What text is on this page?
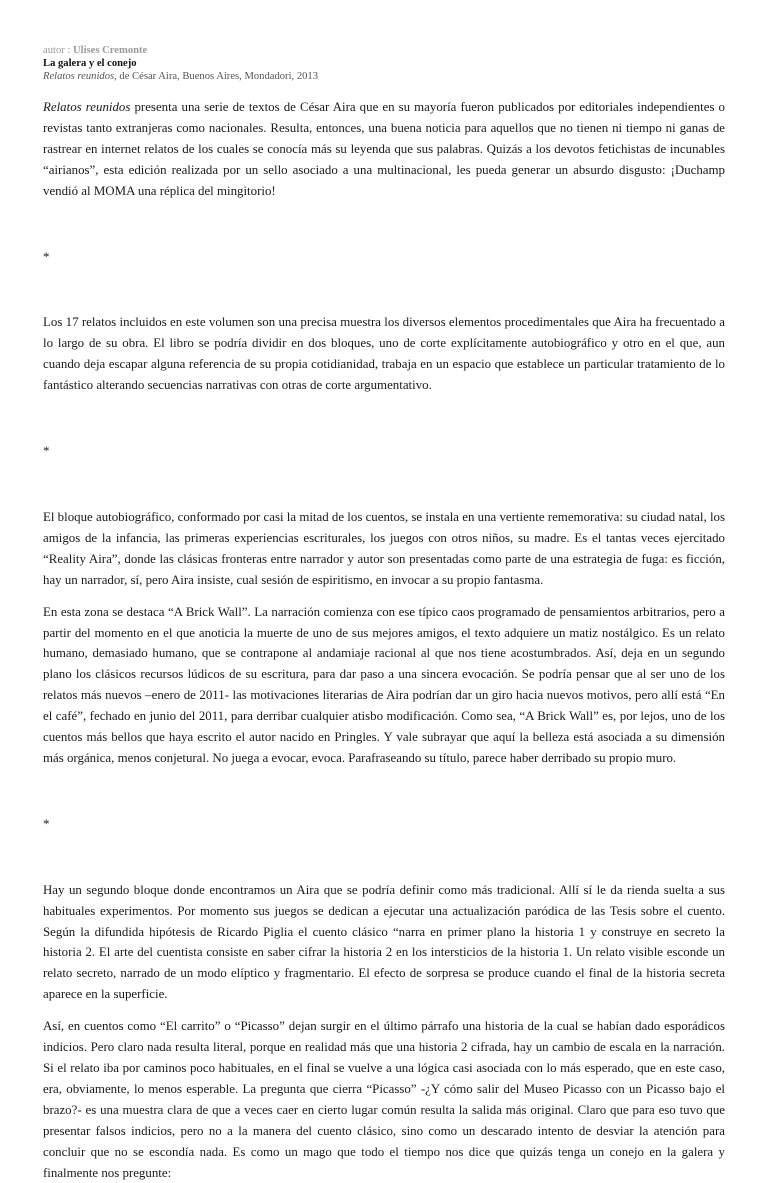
autor : Ulises Cremonte
La galera y el conejo
Relatos reunidos, de César Aira, Buenos Aires, Mondadori, 2013

Relatos reunidos presenta una serie de textos de César Aira que en su mayoría fueron publicados por editoriales independientes o revistas tanto extranjeras como nacionales. Resulta, entonces, una buena noticia para aquellos que no tienen ni tiempo ni ganas de rastrear en internet relatos de los cuales se conocía más su leyenda que sus palabras. Quizás a los devotos fetichistas de incunables “airianos”, esta edición realizada por un sello asociado a una multinacional, les pueda generar un absurdo disgusto: ¡Duchamp vendió al MOMA una réplica del mingitorio!

*

Los 17 relatos incluidos en este volumen son una precisa muestra los diversos elementos procedimentales que Aira ha frecuentado a lo largo de su obra. El libro se podría dividir en dos bloques, uno de corte explícitamente autobiográfico y otro en el que, aun cuando deja escapar alguna referencia de su propia cotidianidad, trabaja en un espacio que establece un particular tratamiento de lo fantástico alterando secuencias narrativas con otras de corte argumentativo.

*

El bloque autobiográfico, conformado por casi la mitad de los cuentos, se instala en una vertiente rememorativa: su ciudad natal, los amigos de la infancia, las primeras experiencias escriturales, los juegos con otros niños, su madre. Es el tantas veces ejercitado “Reality Aira”, donde las clásicas fronteras entre narrador y autor son presentadas como parte de una estrategia de fuga: es ficción, hay un narrador, sí, pero Aira insiste, cual sesión de espiritismo, en invocar a su propio fantasma.

En esta zona se destaca “A Brick Wall”. La narración comienza con ese típico caos programado de pensamientos arbitrarios, pero a partir del momento en el que anoticia la muerte de uno de sus mejores amigos, el texto adquiere un matiz nostálgico. Es un relato humano, demasiado humano, que se contrapone al andamiaje racional al que nos tiene acostumbrados. Así, deja en un segundo plano los clásicos recursos lúdicos de su escritura, para dar paso a una sincera evocación. Se podría pensar que al ser uno de los relatos más nuevos –enero de 2011- las motivaciones literarias de Aira podrían dar un giro hacia nuevos motivos, pero allí está “En el café”, fechado en junio del 2011, para derribar cualquier atisbo modificación. Como sea, “A Brick Wall” es, por lejos, uno de los cuentos más bellos que haya escrito el autor nacido en Pringles. Y vale subrayar que aquí la belleza está asociada a su dimensión más orgánica, menos conjetural. No juega a evocar, evoca. Parafraseando su título, parece haber derribado su propio muro.

*

Hay un segundo bloque donde encontramos un Aira que se podría definir como más tradicional. Allí sí le da rienda suelta a sus habituales experimentos. Por momento sus juegos se dedican a ejecutar una actualización paródica de las Tesis sobre el cuento. Según la difundida hipótesis de Ricardo Piglia el cuento clásico “narra en primer plano la historia 1 y construye en secreto la historia 2. El arte del cuentista consiste en saber cifrar la historia 2 en los intersticios de la historia 1. Un relato visible esconde un relato secreto, narrado de un modo elíptico y fragmentario. El efecto de sorpresa se produce cuando el final de la historia secreta aparece en la superficie.

Así, en cuentos como “El carrito” o “Picasso” dejan surgir en el último párrafo una historia de la cual se habían dado esporádicos indicios. Pero claro nada resulta literal, porque en realidad más que una historia 2 cifrada, hay un cambio de escala en la narración. Si el relato iba por caminos poco habituales, en el final se vuelve a una lógica casi asociada con lo más esperado, que en este caso, era, obviamente, lo menos esperable. La pregunta que cierra “Picasso” -¿Y cómo salir del Museo Picasso con un Picasso bajo el brazo?- es una muestra clara de que a veces caer en cierto lugar común resulta la salida más original. Claro que para eso tuvo que presentar falsos indicios, pero no a la manera del cuento clásico, sino como un descarado intento de desviar la atención para concluir que no se escondía nada. Es como un mago que todo el tiempo nos dice que quizás tenga un conejo en la galera y finalmente nos pregunte:
